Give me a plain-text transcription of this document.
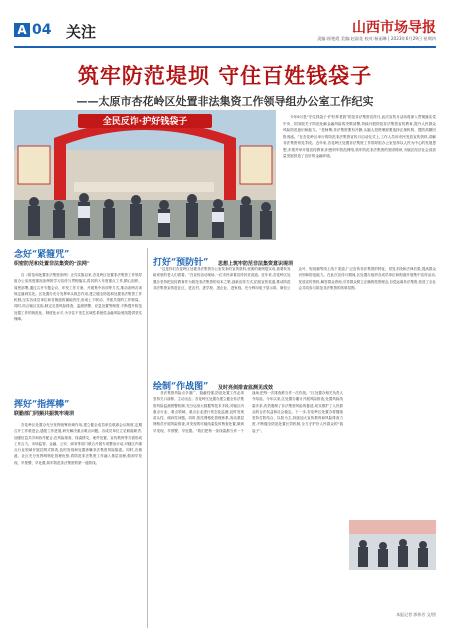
A 04 关注	山西市场导报
责编:崔艳霞 美编:赵淑花 校对:杨丽琳 | 2023年6月29日 星期四
筑牢防范堤坝 守住百姓钱袋子
——太原市杏花岭区处置非法集资工作领导组办公室工作纪实
全民反诈·护好钱袋子	今年6月是“守住钱袋子·护好养老钱”防范非法集资宣传月,此次宣传月活动将深入贯彻落实党中央、国务院关于防范化解金融风险的决策部署,持续开展防范非法集资宣传教育,提升人民群众风险防范意识和能力。“老师傅,非法集资要有冷静,头脑人投资理财要选择正规机构、提防高额回报诱惑。”在杏花岭区举行的防范非法集资宣传月启动仪式上,工作人员向市民发放宣传资料,讲解非法集资常见手段。近年来,杏花岭区处置非法集资工作领导组办公室坚持以人民为中心的发展思想,多措并举开展宣传教育,织密织牢防范网络,筑牢防范非法集资的坚固堤坝,为辖区经济社会高质量发展营造了良好的金融环境。
念好“紧箍咒”
织密防范和处置非法集资的“法网”
自《防范和处置非法集资条例》正式实施以来,杏花岭区处置非法集资工作领导组办公室高度重视条例的学习宣传与贯彻落实,将其纳入年度重点工作,精心组织、周密部署,通过召开专题会议、印发工作方案、开展集中培训等方式,推动条例各项规定落到实处。区处置办充分发挥牵头抓总作用,建立健全防范和处置非法集资工作机制,压实各成员单位和各街道的属地责任,形成上下联动、齐抓共管的工作格局。同时,结合辖区实际,制定完善风险排查、监测预警、应急处置等制度,不断提升防范处置工作的规范化、制度化水平,为守住不发生区域性系统性金融风险底线提供坚实保障。
挥好“指挥棒”
联勤部门同频共振筑牢堤坝
杏花岭区处置办充分发挥统筹协调作用,建立健全成员单位联席会议制度,定期召开工作推进会,通报工作进展,研究解决重点难点问题。各成员单位立足职能职责,加强信息共享和协作配合,在风险排查、线索移交、案件处置、宣传教育等方面形成工作合力。市场监管、金融、公安、商务等部门联合开展专项整治行动,对辖区内重点行业领域开展拉网式排查,及时发现和处置涉嫌非法集资风险隐患。同时,各街道、社区充分发挥网格化管理优势,将防范非法集资工作融入基层治理,做到早发现、早预警、早处置,筑牢防范非法集资的第一道防线。
打好“预防针” 思想上筑牢防范非法集资意识堤坝
“这是你们杏花岭区处置非法集资办公室发来的宣传资料,里面的案例很实用,我要转发给家里的老人们看看。”在宣传活动现场,一位市民拿着宣传折页说道。近年来,杏花岭区处置办坚持把宣传教育作为防范非法集资的治本之策,创新宣传方式,拓宽宣传渠道,推动防范非法集资宣传进社区、进农村、进学校、进企业、进家庭。充分利用电子显示屏、微信公众号、短视频等线上线下渠道,广泛宣传非法集资的特征、常见手段和法律后果,提高群众识别和防范能力。在此次宣传月期间,区处置办组织各成员单位和街道开展集中宣传活动,发放宣传资料,解答群众咨询,引导群众树立正确的投资理念,自觉远离非法集资,营造了全社会共同参与防范非法集资的浓厚氛围。
绘制“作战图” 及时亮剑排查监测见成效
非法集资风险点多面广、隐蔽性强,防范处置工作必须坚持关口前移、主动出击。杏花岭区处置办建立健全非法集资风险监测预警机制,充分运用大数据等技术手段,对辖区内重点行业、重点领域、重点企业进行常态化监测,及时发现苗头性、倾向性问题。同时,依托网格化管理体系,发动基层网格员开展风险排查,对发现的可疑线索及时核查处置,做到早发现、早预警、早处置。“我们把每一条线索都当作一个战场,把每一次排查都当作一次作战。”区处置办相关负责人介绍说。今年以来,区处置办累计开展风险排查,处置风险线索多条,有效遏制了非法集资风险的蔓延,切实维护了人民群众的合法权益和社会稳定。下一步,杏花岭区处置办将继续坚持打防结合、以防为主,持续加大宣传教育和风险排查力度,不断健全防范处置长效机制,全力守护好人民群众的“钱袋子”。
本报记者 郭伟芳 文/图
